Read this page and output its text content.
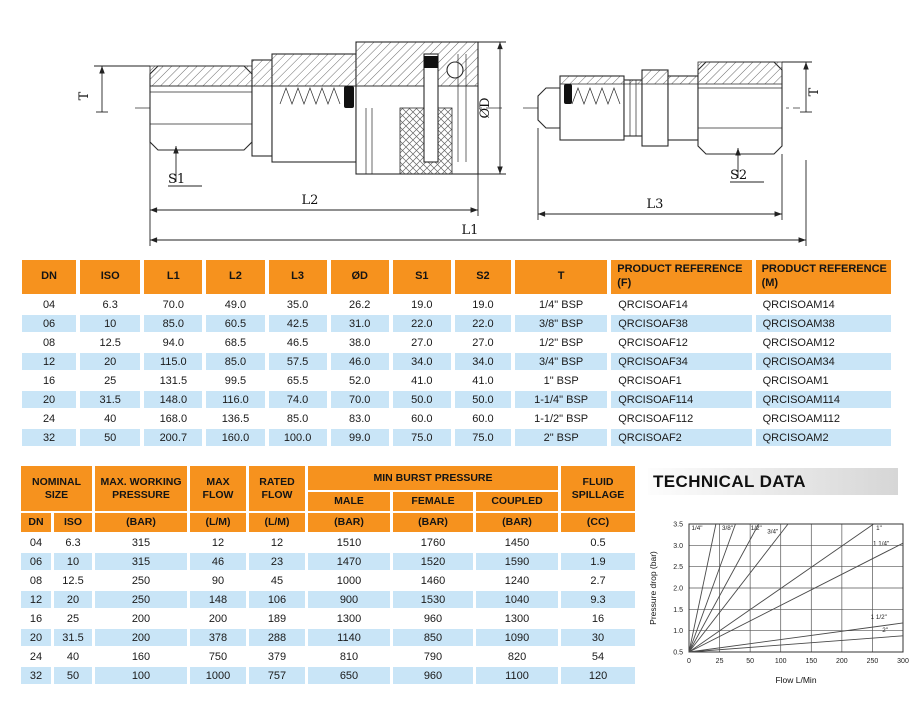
T
S1
ØD
L2
L1
T
S2
L3
DN	ISO	L1	L2	L3	ØD	S1	S2	T	PRODUCT REFERENCE (F)	PRODUCT REFERENCE (M)
04	6.3	70.0	49.0	35.0	26.2	19.0	19.0	1/4" BSP	QRCISOAF14	QRCISOAM14
06	10	85.0	60.5	42.5	31.0	22.0	22.0	3/8" BSP	QRCISOAF38	QRCISOAM38
08	12.5	94.0	68.5	46.5	38.0	27.0	27.0	1/2" BSP	QRCISOAF12	QRCISOAM12
12	20	115.0	85.0	57.5	46.0	34.0	34.0	3/4" BSP	QRCISOAF34	QRCISOAM34
16	25	131.5	99.5	65.5	52.0	41.0	41.0	1" BSP	QRCISOAF1	QRCISOAM1
20	31.5	148.0	116.0	74.0	70.0	50.0	50.0	1-1/4" BSP	QRCISOAF114	QRCISOAM114
24	40	168.0	136.5	85.0	83.0	60.0	60.0	1-1/2" BSP	QRCISOAF112	QRCISOAM112
32	50	200.7	160.0	100.0	99.0	75.0	75.0	2" BSP	QRCISOAF2	QRCISOAM2
NOMINAL SIZE		MAX. WORKING PRESSURE	MAX FLOW	RATED FLOW	MIN BURST PRESSURE			FLUID SPILLAGE
					MALE	FEMALE	COUPLED	
DN	ISO	(BAR)	(L/M)	(L/M)	(BAR)	(BAR)	(BAR)	(CC)
04	6.3	315	12	12	1510	1760	1450	0.5
06	10	315	46	23	1470	1520	1590	1.9
08	12.5	250	90	45	1000	1460	1240	2.7
12	20	250	148	106	900	1530	1040	9.3
16	25	200	200	189	1300	960	1300	16
20	31.5	200	378	288	1140	850	1090	30
24	40	160	750	379	810	790	820	54
32	50	100	1000	757	650	960	1100	120
TECHNICAL DATA
0	25	50	100	150	200	250	300
0.5
1.0
1.5
2.0
2.5
3.0
3.5 1/4"	3/8"	1/2" 3/4"	1"
1 1/4"
1 1/2"
2"
Flow L/Min
Pressure drop (bar)
